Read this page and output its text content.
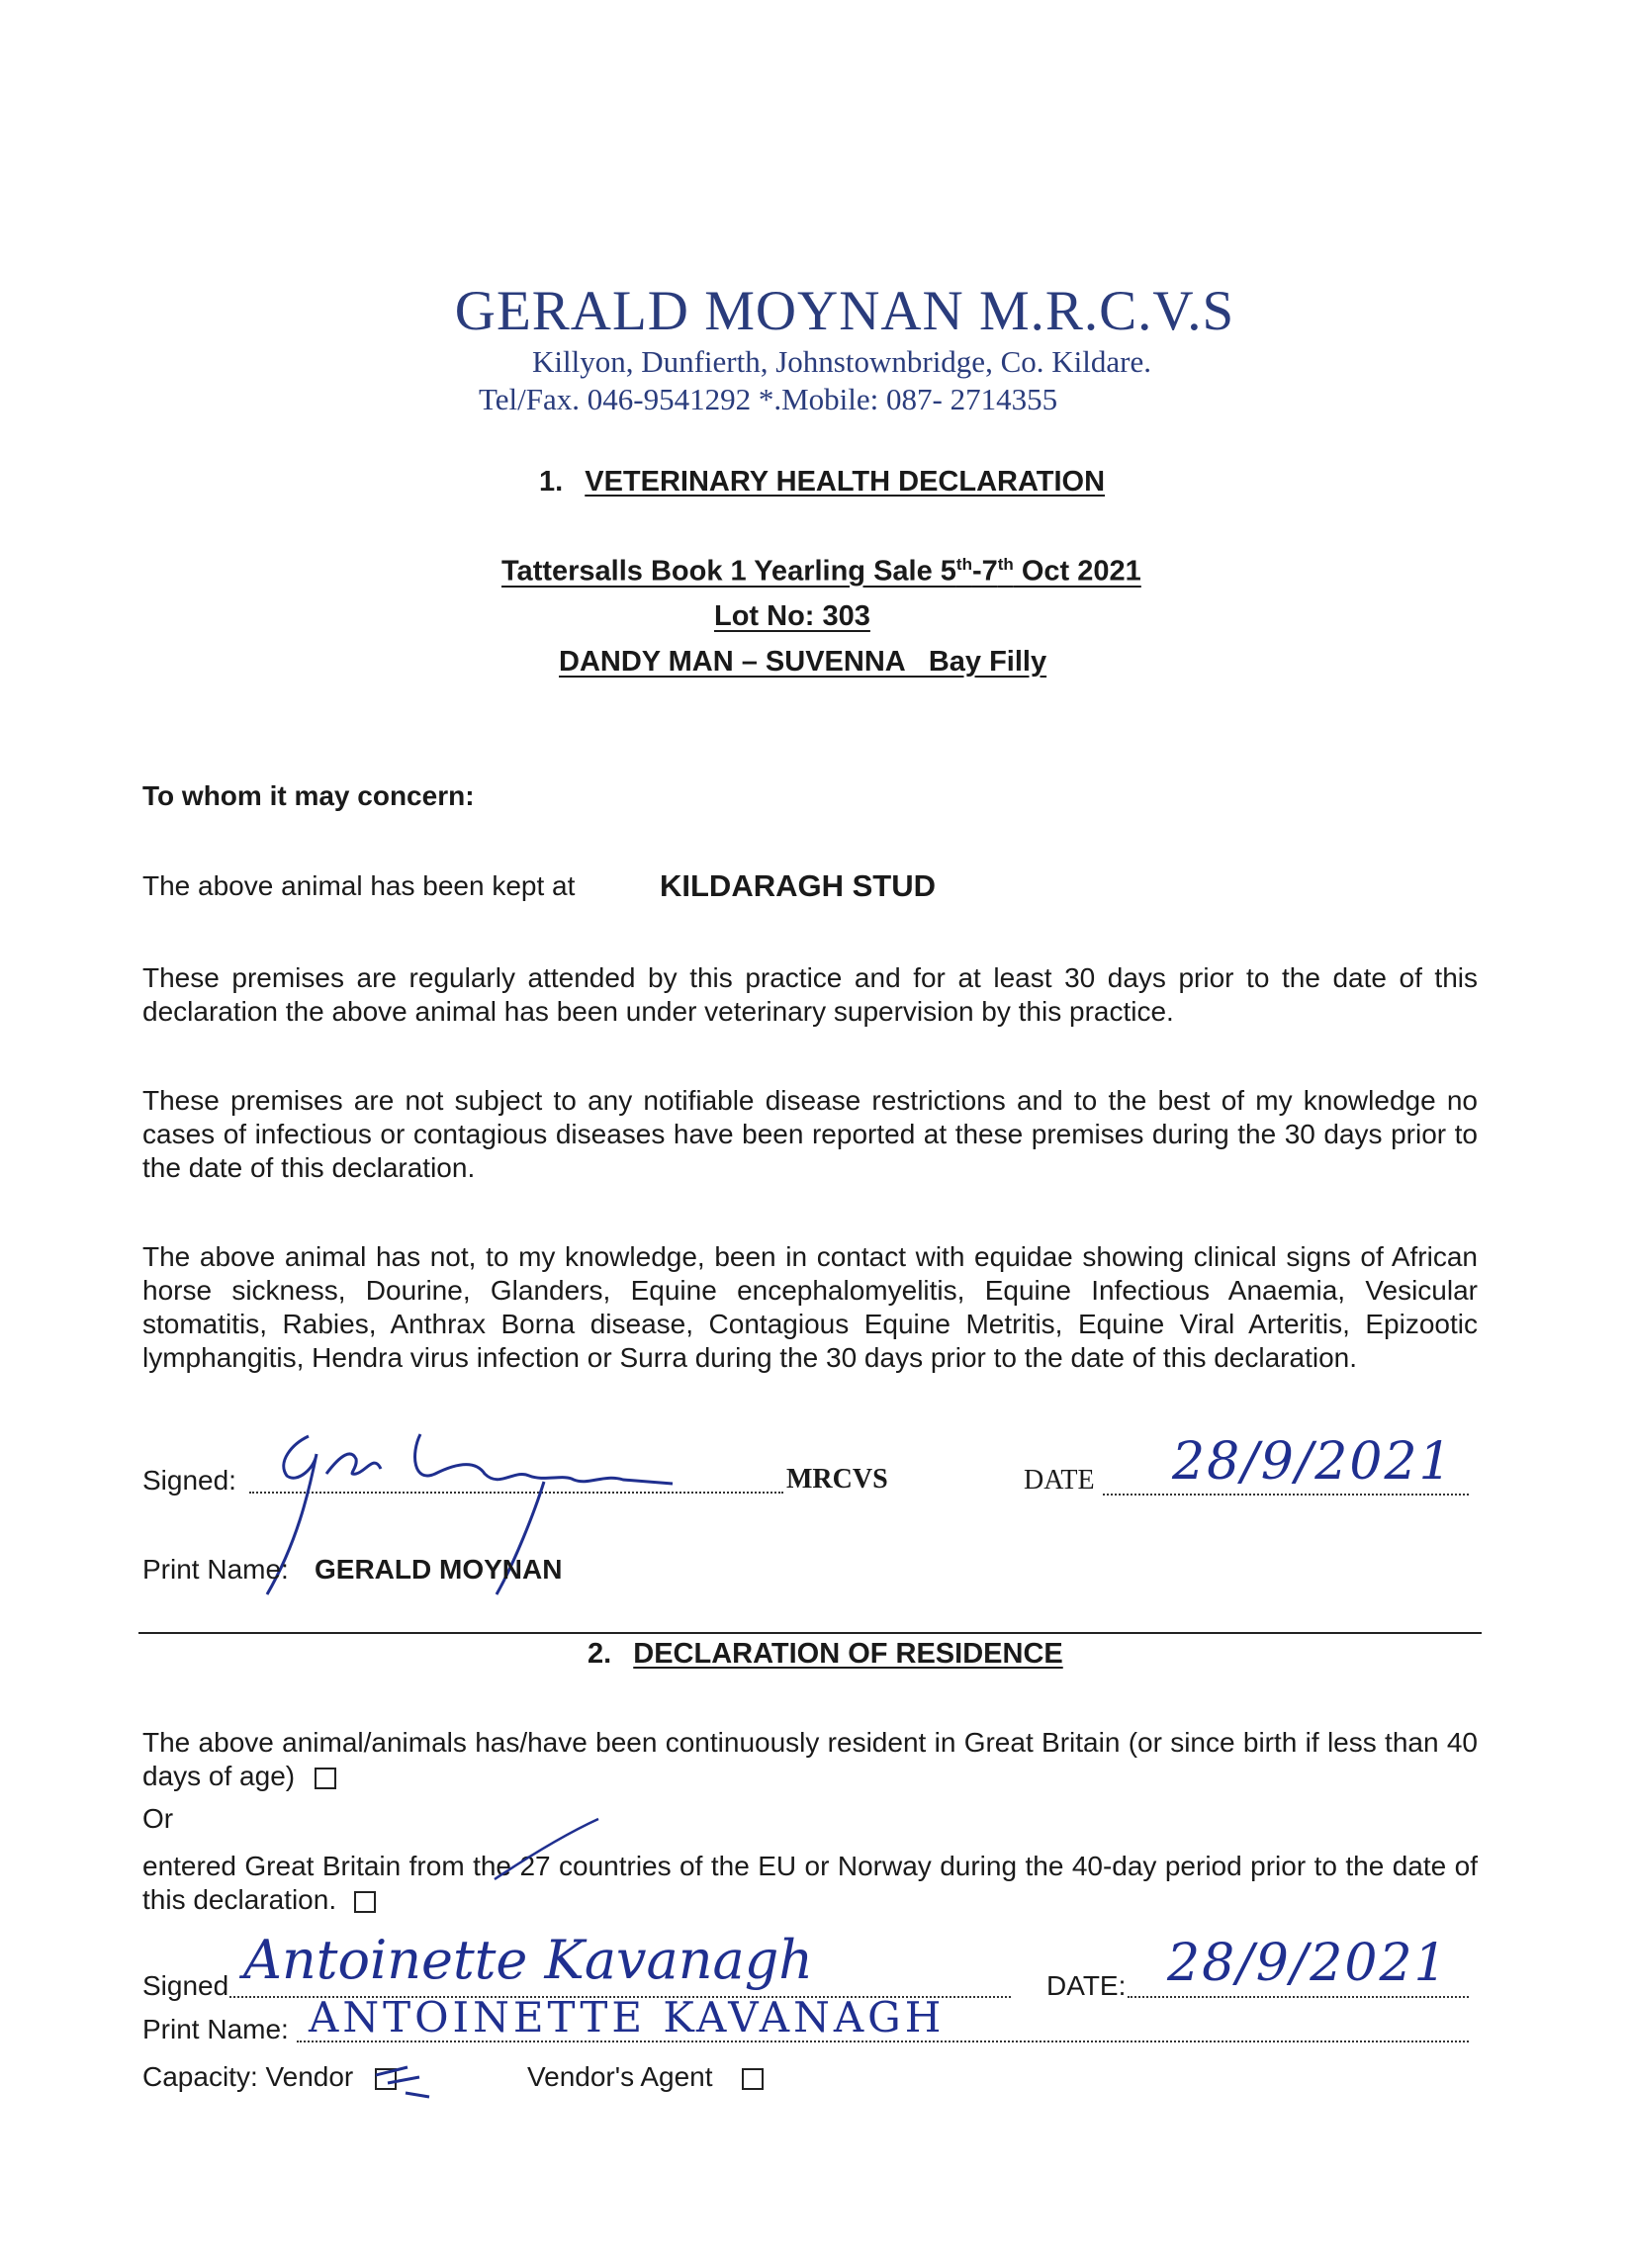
GERALD MOYNAN M.R.C.V.S
Killyon, Dunfierth, Johnstownbridge, Co. Kildare.
Tel/Fax. 046-9541292 *.Mobile: 087- 2714355
1. VETERINARY HEALTH DECLARATION
Tattersalls Book 1 Yearling Sale 5th-7th Oct 2021
Lot No: 303
DANDY MAN – SUVENNA   Bay Filly
To whom it may concern:
The above animal has been kept at	KILDARAGH STUD
These premises are regularly attended by this practice and for at least 30 days prior to the date of this declaration the above animal has been under veterinary supervision by this practice.
These premises are not subject to any notifiable disease restrictions and to the best of my knowledge no cases of infectious or contagious diseases have been reported at these premises during the 30 days prior to the date of this declaration.
The above animal has not, to my knowledge, been in contact with equidae showing clinical signs of African horse sickness, Dourine, Glanders, Equine encephalomyelitis, Equine Infectious Anaemia, Vesicular stomatitis, Rabies, Anthrax Borna disease, Contagious Equine Metritis, Equine Viral Arteritis, Epizootic lymphangitis, Hendra virus infection or Surra during the 30 days prior to the date of this declaration.
Signed:	MRCVS	DATE 28/9/2021
Print Name: GERALD MOYNAN
2. DECLARATION OF RESIDENCE
The above animal/animals has/have been continuously resident in Great Britain (or since birth if less than 40 days of age)
Or
entered Great Britain from the 27 countries of the EU or Norway during the 40-day period prior to the date of this declaration.
Signed Antoinette Kavanagh	DATE: 28/9/2021
Print Name: ANTOINETTE KAVANAGH
Capacity: Vendor	Vendor's Agent
